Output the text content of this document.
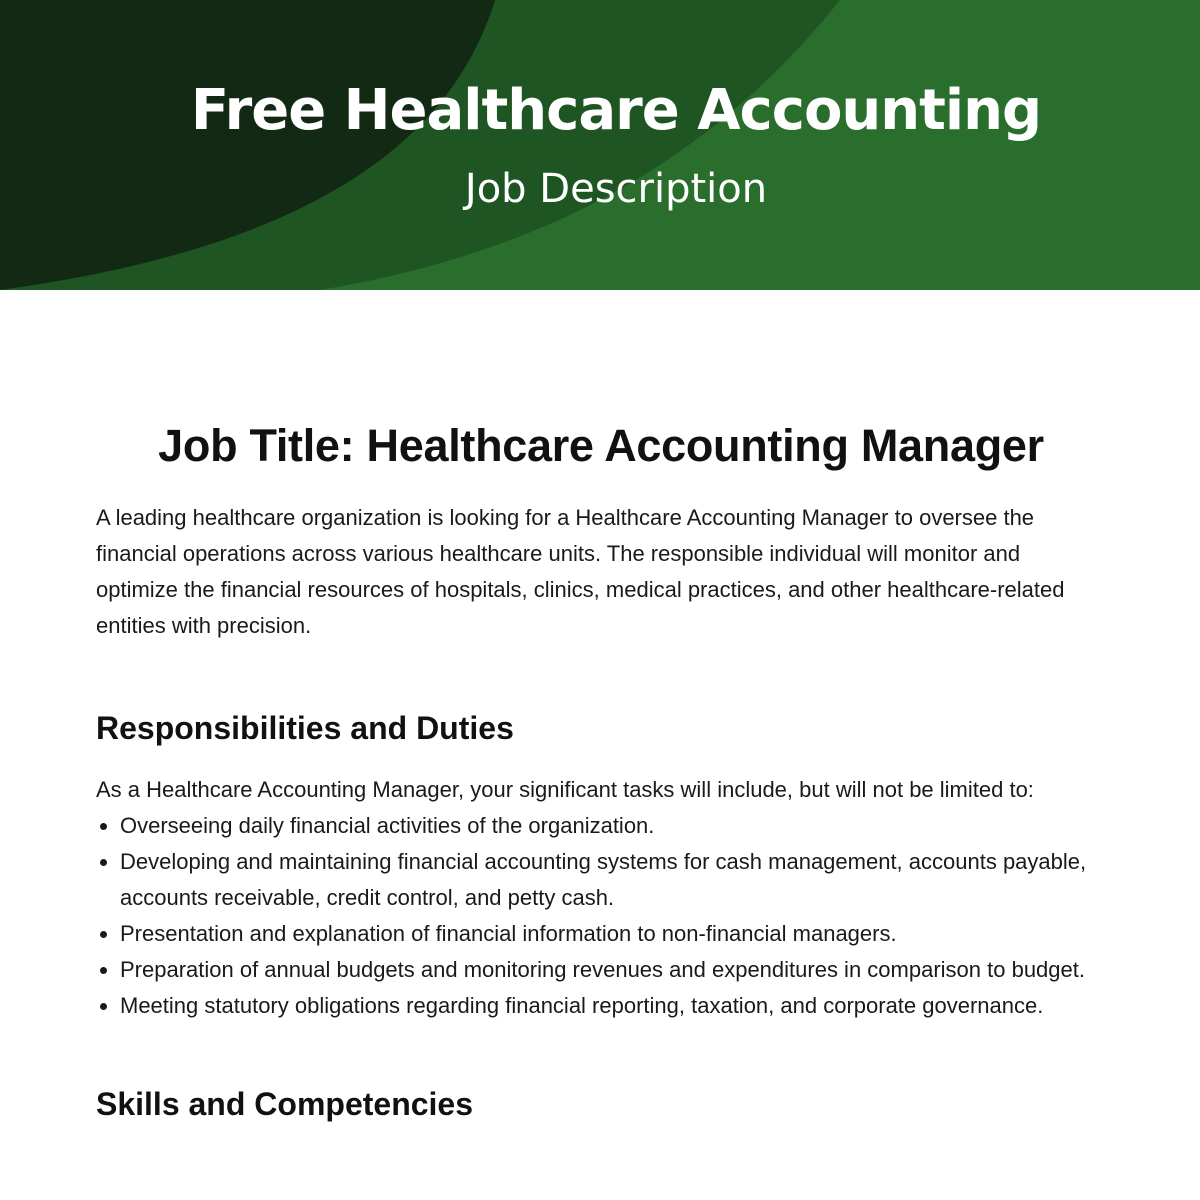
Free Healthcare Accounting
Job Description
Job Title: Healthcare Accounting Manager

A leading healthcare organization is looking for a Healthcare Accounting Manager to oversee the financial operations across various healthcare units. The responsible individual will monitor and optimize the financial resources of hospitals, clinics, medical practices, and other healthcare-related entities with precision.

Responsibilities and Duties

As a Healthcare Accounting Manager, your significant tasks will include, but will not be limited to:

Overseeing daily financial activities of the organization.
Developing and maintaining financial accounting systems for cash management, accounts payable, accounts receivable, credit control, and petty cash.
Presentation and explanation of financial information to non-financial managers.
Preparation of annual budgets and monitoring revenues and expenditures in comparison to budget.
Meeting statutory obligations regarding financial reporting, taxation, and corporate governance.
Skills and Competencies
